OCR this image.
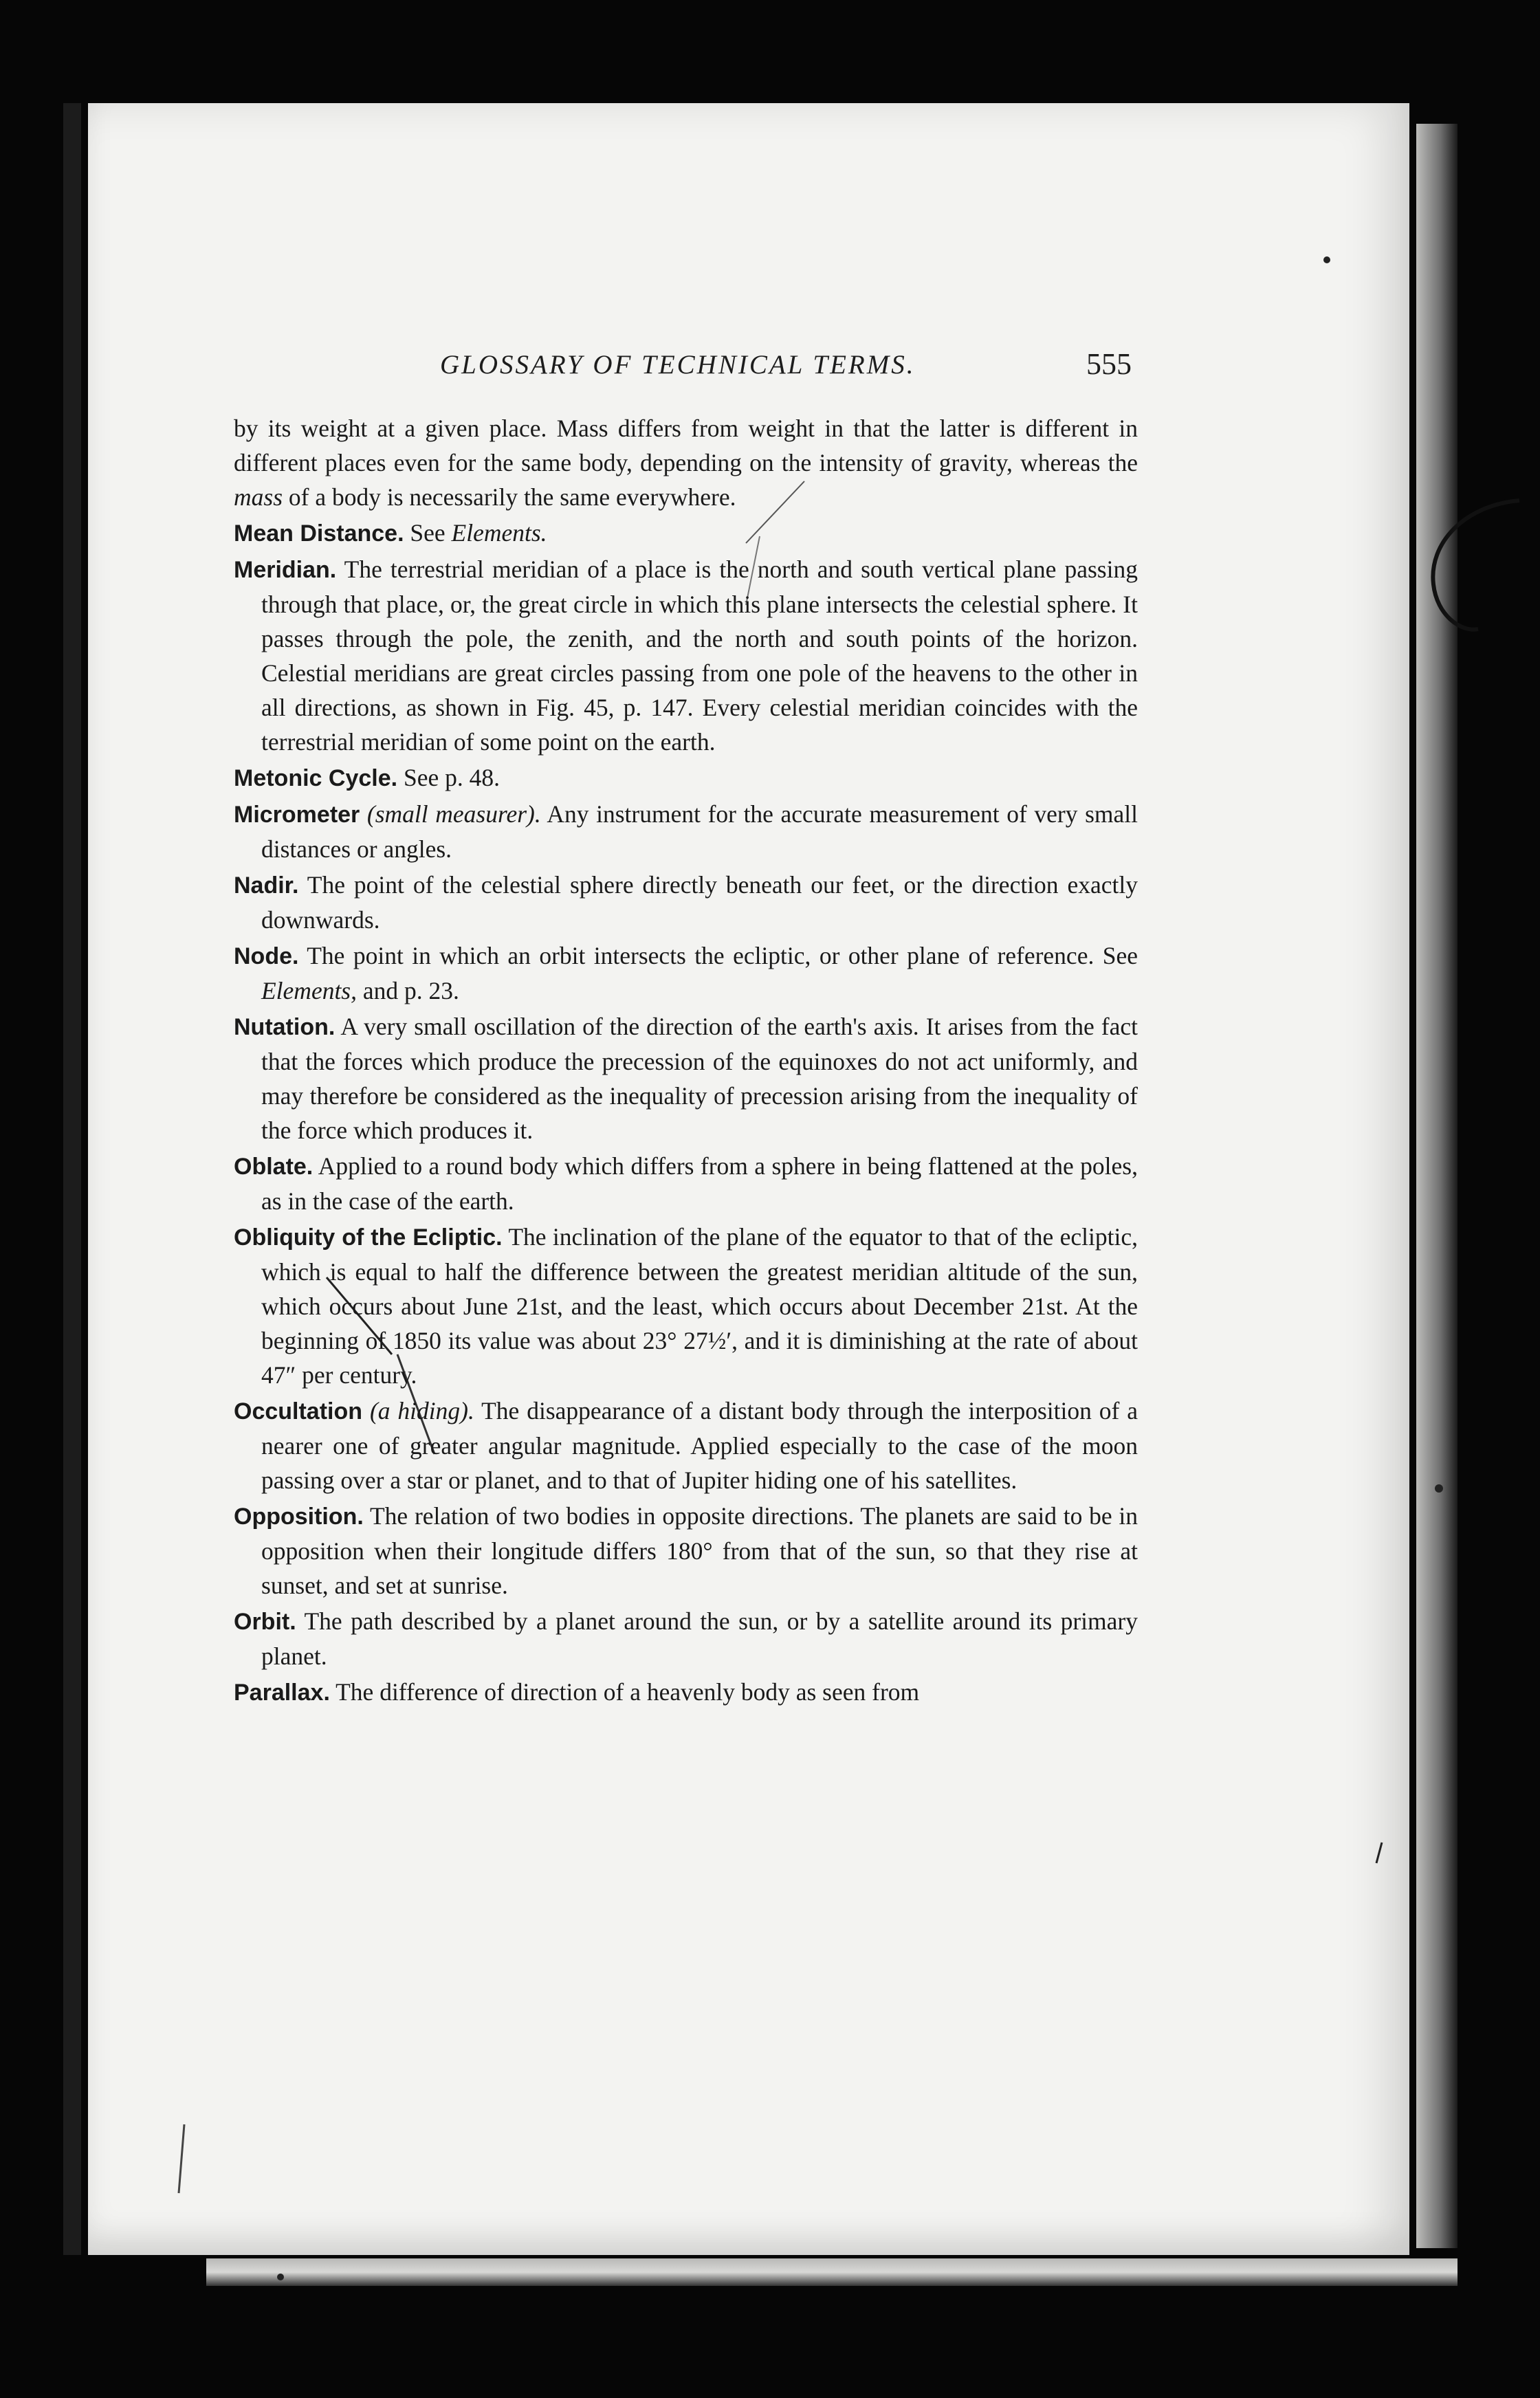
GLOSSARY OF TECHNICAL TERMS.	555

by its weight at a given place. Mass differs from weight in that the latter is different in different places even for the same body, depending on the intensity of gravity, whereas the mass of a body is necessarily the same everywhere.

Mean Distance. See Elements.

Meridian. The terrestrial meridian of a place is the north and south vertical plane passing through that place, or, the great circle in which this plane intersects the celestial sphere. It passes through the pole, the zenith, and the north and south points of the horizon. Celestial meridians are great circles passing from one pole of the heavens to the other in all directions, as shown in Fig. 45, p. 147. Every celestial meridian coincides with the terrestrial meridian of some point on the earth.

Metonic Cycle. See p. 48.

Micrometer (small measurer). Any instrument for the accurate measurement of very small distances or angles.

Nadir. The point of the celestial sphere directly beneath our feet, or the direction exactly downwards.

Node. The point in which an orbit intersects the ecliptic, or other plane of reference. See Elements, and p. 23.

Nutation. A very small oscillation of the direction of the earth's axis. It arises from the fact that the forces which produce the precession of the equinoxes do not act uniformly, and may therefore be considered as the inequality of precession arising from the inequality of the force which produces it.

Oblate. Applied to a round body which differs from a sphere in being flattened at the poles, as in the case of the earth.

Obliquity of the Ecliptic. The inclination of the plane of the equator to that of the ecliptic, which is equal to half the difference between the greatest meridian altitude of the sun, which occurs about June 21st, and the least, which occurs about December 21st. At the beginning of 1850 its value was about 23° 27½′, and it is diminishing at the rate of about 47″ per century.

Occultation (a hiding). The disappearance of a distant body through the interposition of a nearer one of greater angular magnitude. Applied especially to the case of the moon passing over a star or planet, and to that of Jupiter hiding one of his satellites.

Opposition. The relation of two bodies in opposite directions. The planets are said to be in opposition when their longitude differs 180° from that of the sun, so that they rise at sunset, and set at sunrise.

Orbit. The path described by a planet around the sun, or by a satellite around its primary planet.

Parallax. The difference of direction of a heavenly body as seen from
